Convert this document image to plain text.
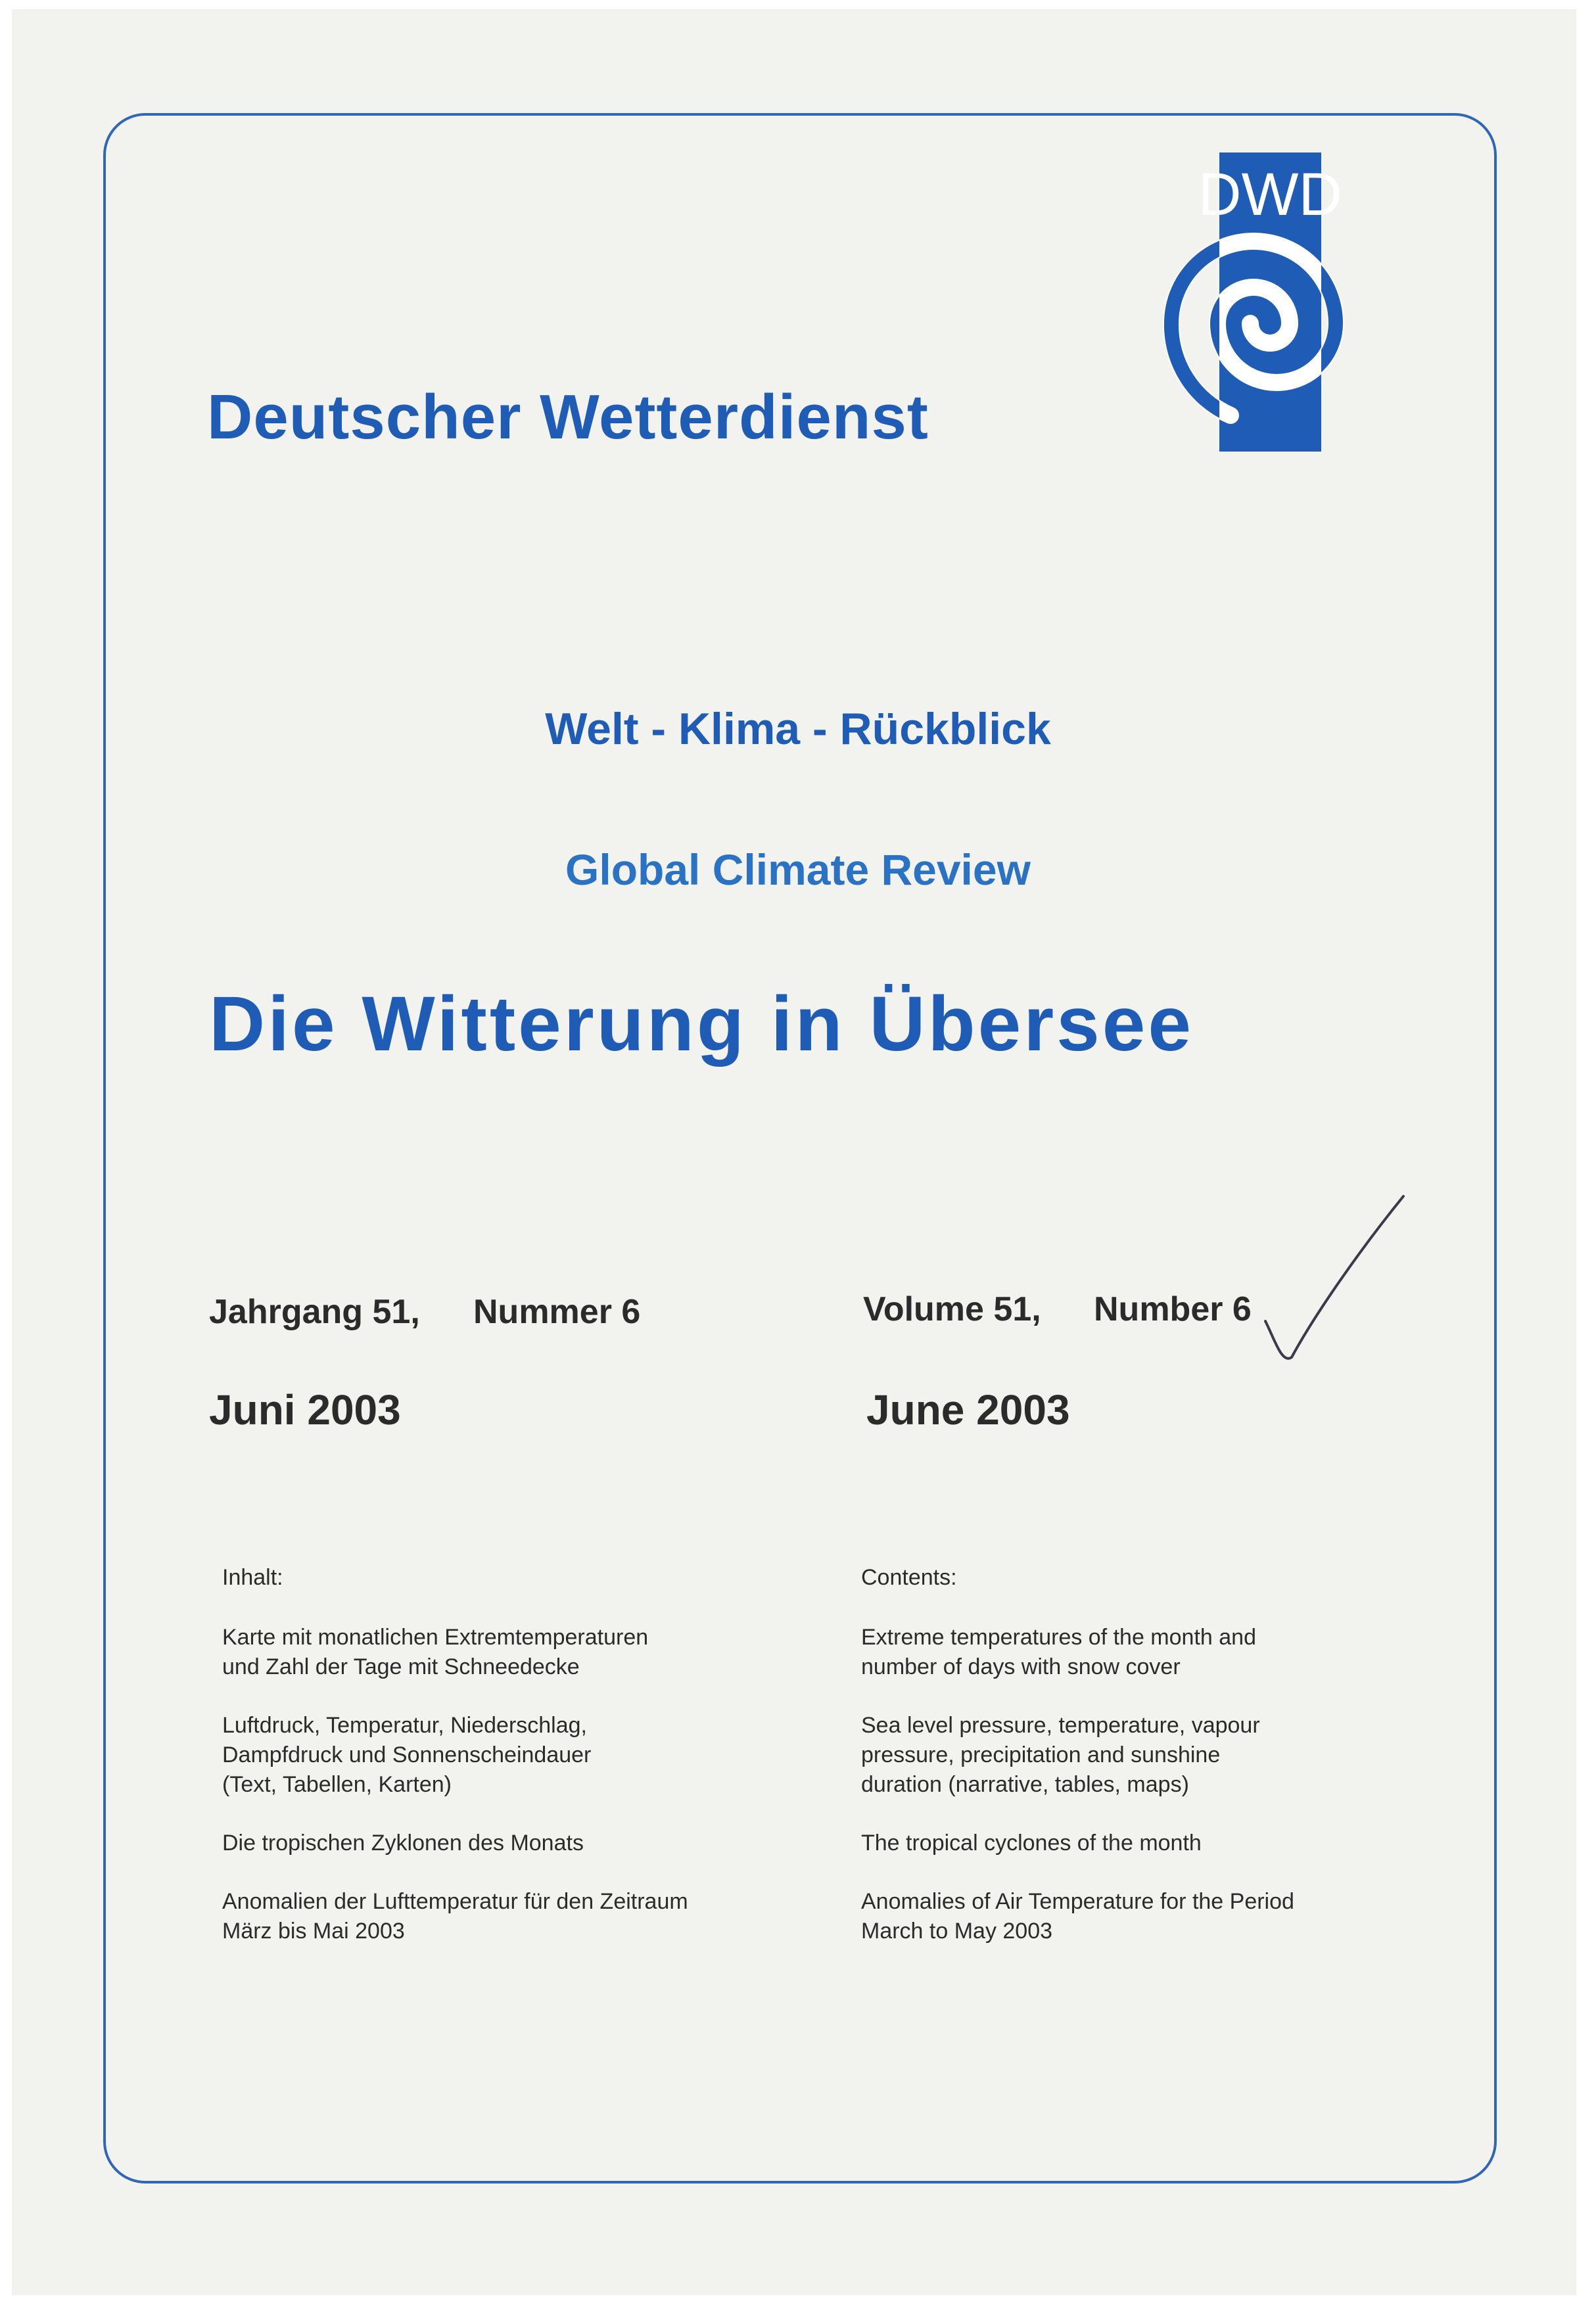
DWD
Deutscher Wetterdienst
Welt - Klima - Rückblick
Global Climate Review
Die Witterung in Übersee
Jahrgang 51, Nummer 6	Volume 51, Number 6
Juni 2003	June 2003
Inhalt:
Karte mit monatlichen Extremtemperaturen
und Zahl der Tage mit Schneedecke
Luftdruck, Temperatur, Niederschlag,
Dampfdruck und Sonnenscheindauer
(Text, Tabellen, Karten)
Die tropischen Zyklonen des Monats
Anomalien der Lufttemperatur für den Zeitraum
März bis Mai 2003
Contents:
Extreme temperatures of the month and
number of days with snow cover
Sea level pressure, temperature, vapour
pressure, precipitation and sunshine
duration (narrative, tables, maps)
The tropical cyclones of the month
Anomalies of Air Temperature for the Period
March to May 2003
